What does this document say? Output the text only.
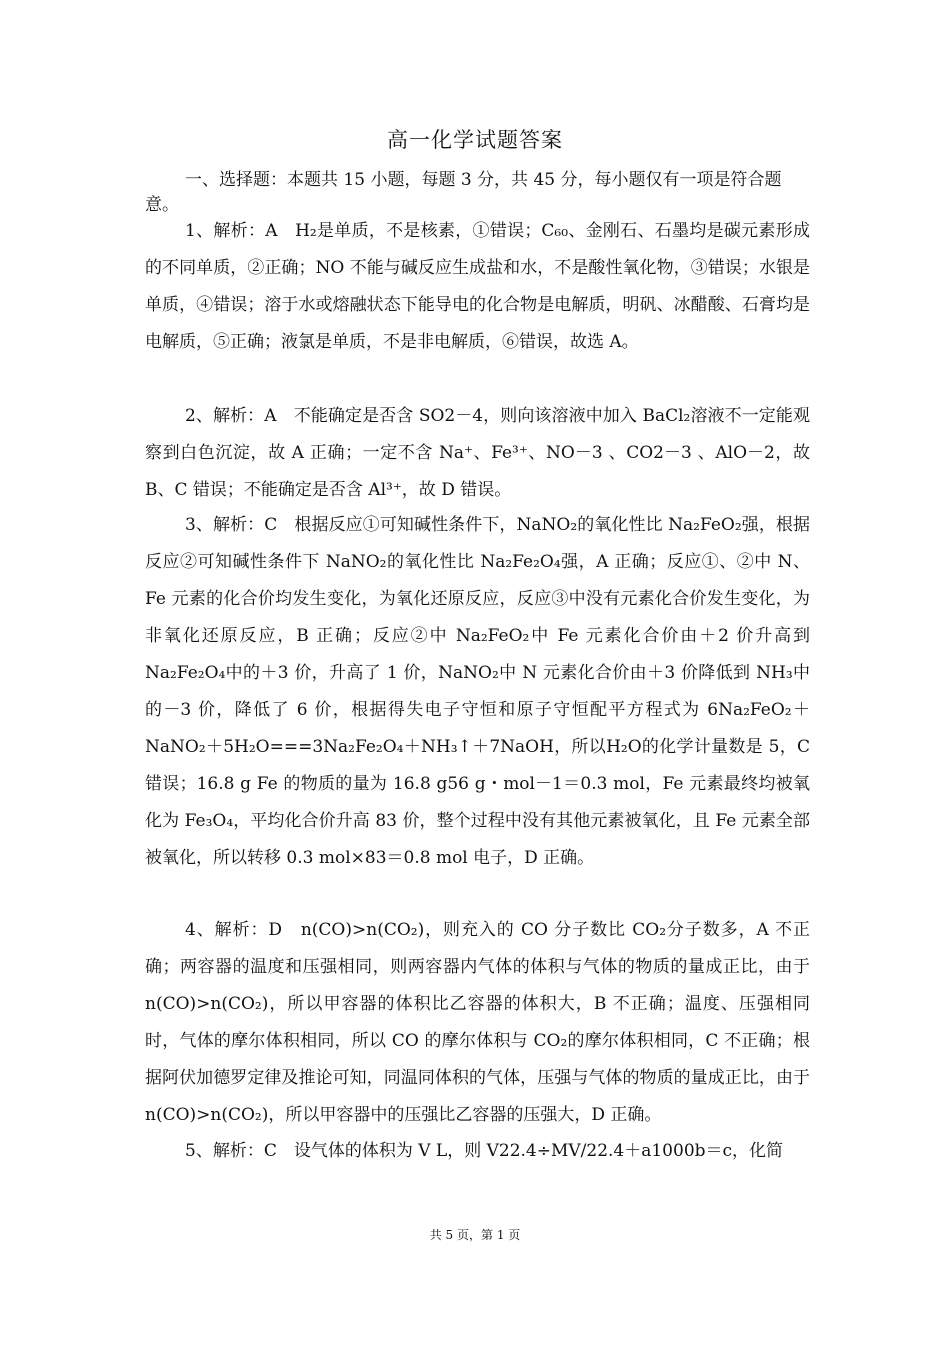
高一化学试题答案
一、选择题：本题共 15 小题，每题 3 分，共 45 分，每小题仅有一项是符合题意。
1、解析：A　H₂是单质，不是核素，①错误；C₆₀、金刚石、石墨均是碳元素形成的不同单质，②正确；NO 不能与碱反应生成盐和水，不是酸性氧化物，③错误；水银是单质，④错误；溶于水或熔融状态下能导电的化合物是电解质，明矾、冰醋酸、石膏均是电解质，⑤正确；液氯是单质，不是非电解质，⑥错误，故选 A。
2、解析：A　不能确定是否含 SO2－4，则向该溶液中加入 BaCl₂溶液不一定能观察到白色沉淀，故 A 正确；一定不含 Na⁺、Fe³⁺、NO－3 、CO2－3 、AlO－2，故 B、C 错误；不能确定是否含 Al³⁺，故 D 错误。
3、解析：C　根据反应①可知碱性条件下，NaNO₂的氧化性比 Na₂FeO₂强，根据反应②可知碱性条件下 NaNO₂的氧化性比 Na₂Fe₂O₄强，A 正确；反应①、②中 N、Fe 元素的化合价均发生变化，为氧化还原反应，反应③中没有元素化合价发生变化，为非氧化还原反应，B 正确；反应②中 Na₂FeO₂中 Fe 元素化合价由＋2 价升高到 Na₂Fe₂O₄中的＋3 价，升高了 1 价，NaNO₂中 N 元素化合价由＋3 价降低到 NH₃中的－3 价，降低了 6 价，根据得失电子守恒和原子守恒配平方程式为 6Na₂FeO₂＋NaNO₂＋5H₂O===3Na₂Fe₂O₄＋NH₃↑＋7NaOH，所以H₂O的化学计量数是 5，C 错误；16.8 g Fe 的物质的量为 16.8 g56 g・mol－1＝0.3 mol，Fe 元素最终均被氧化为 Fe₃O₄，平均化合价升高 83 价，整个过程中没有其他元素被氧化，且 Fe 元素全部被氧化，所以转移 0.3 mol×83＝0.8 mol 电子，D 正确。
4、解析：D　n(CO)>n(CO₂)，则充入的 CO 分子数比 CO₂分子数多，A 不正确；两容器的温度和压强相同，则两容器内气体的体积与气体的物质的量成正比，由于 n(CO)>n(CO₂)，所以甲容器的体积比乙容器的体积大，B 不正确；温度、压强相同时，气体的摩尔体积相同，所以 CO 的摩尔体积与 CO₂的摩尔体积相同，C 不正确；根据阿伏加德罗定律及推论可知，同温同体积的气体，压强与气体的物质的量成正比，由于 n(CO)>n(CO₂)，所以甲容器中的压强比乙容器的压强大，D 正确。
5、解析：C　设气体的体积为 V L，则 V22.4÷MV/22.4＋a1000b＝c，化简
共 5 页，第 1 页
